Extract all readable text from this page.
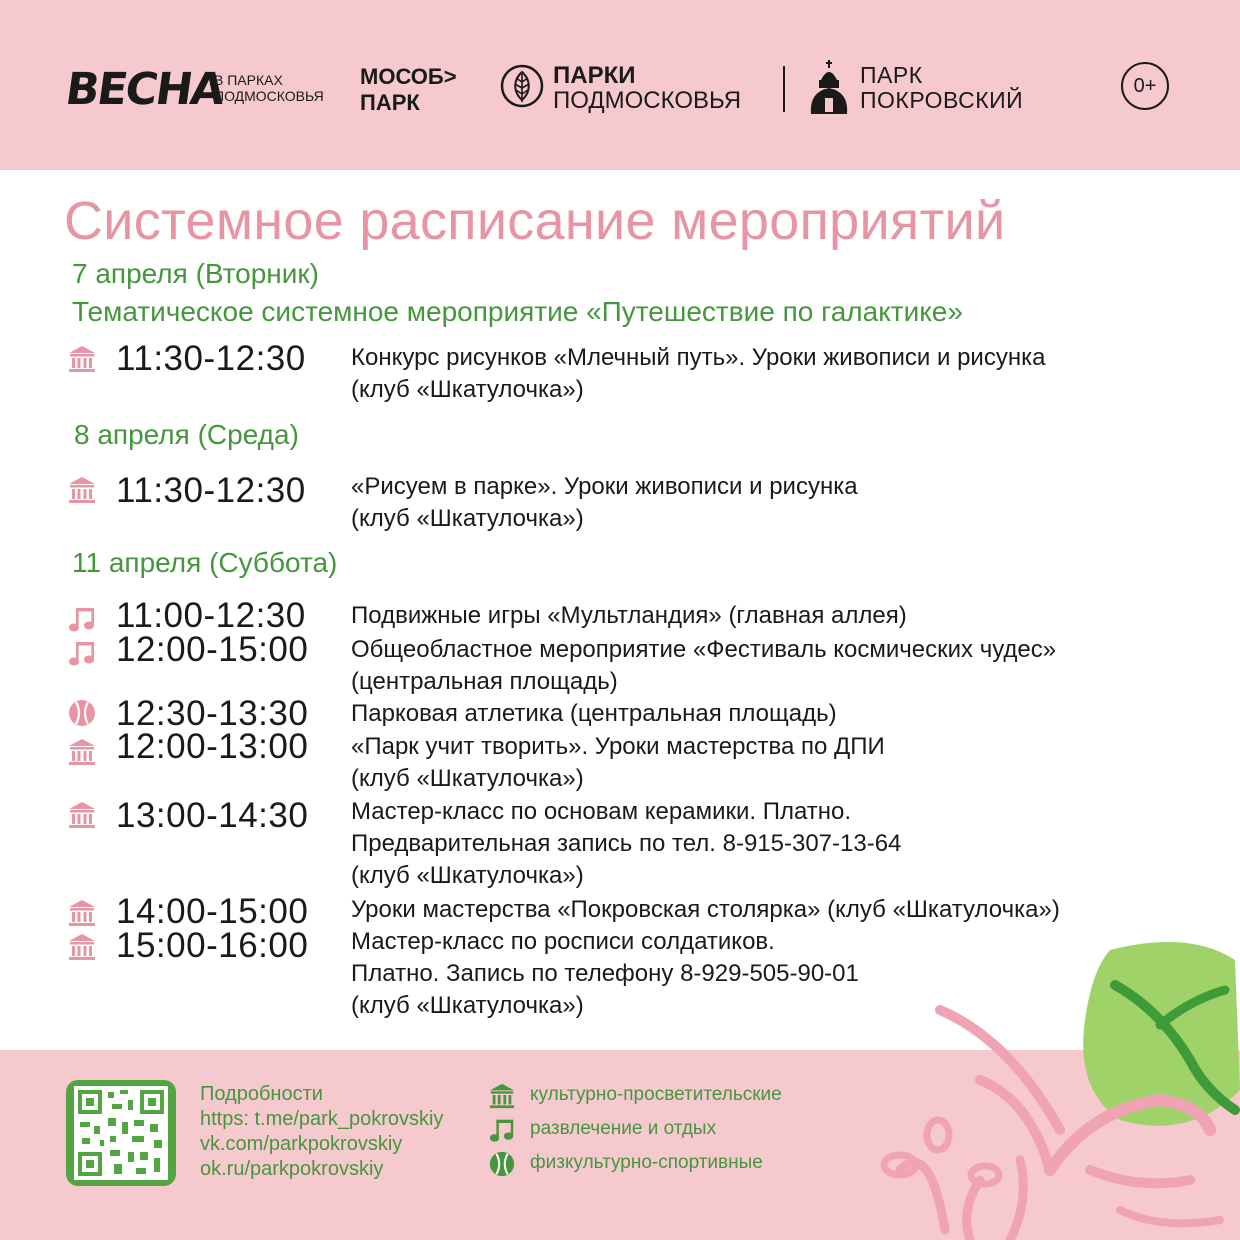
ВЕСНА
В ПАРКАХ
ПОДМОСКОВЬЯ
МОСОБ>
ПАРК
ПАРКИ
ПОДМОСКОВЬЯ
ПАРК
ПОКРОВСКИЙ
0+
Системное расписание мероприятий
7 апреля (Вторник)
Тематическое системное мероприятие «Путешествие по галактике»
11:30-12:30 Конкурс рисунков «Млечный путь». Уроки живописи и рисунка
(клуб «Шкатулочка»)
8 апреля (Среда)
11:30-12:30 «Рисуем в парке». Уроки живописи и рисунка
(клуб «Шкатулочка»)
11 апреля (Суббота)
11:00-12:30 Подвижные игры «Мультландия» (главная аллея)
12:00-15:00 Общеобластное мероприятие «Фестиваль космических чудес»
(центральная площадь)
12:30-13:30 Парковая атлетика (центральная площадь)
12:00-13:00 «Парк учит творить». Уроки мастерства по ДПИ
(клуб «Шкатулочка»)
13:00-14:30 Мастер-класс по основам керамики. Платно.
Предварительная запись по тел. 8-915-307-13-64
(клуб «Шкатулочка»)
14:00-15:00 Уроки мастерства «Покровская столярка» (клуб «Шкатулочка»)
15:00-16:00 Мастер-класс по росписи солдатиков.
Платно. Запись по телефону 8-929-505-90-01
(клуб «Шкатулочка»)
Подробности
https: t.me/park_pokrovskiy
vk.com/parkpokrovskiy
ok.ru/parkpokrovskiy
культурно-просветительские
развлечение и отдых
физкультурно-спортивные
